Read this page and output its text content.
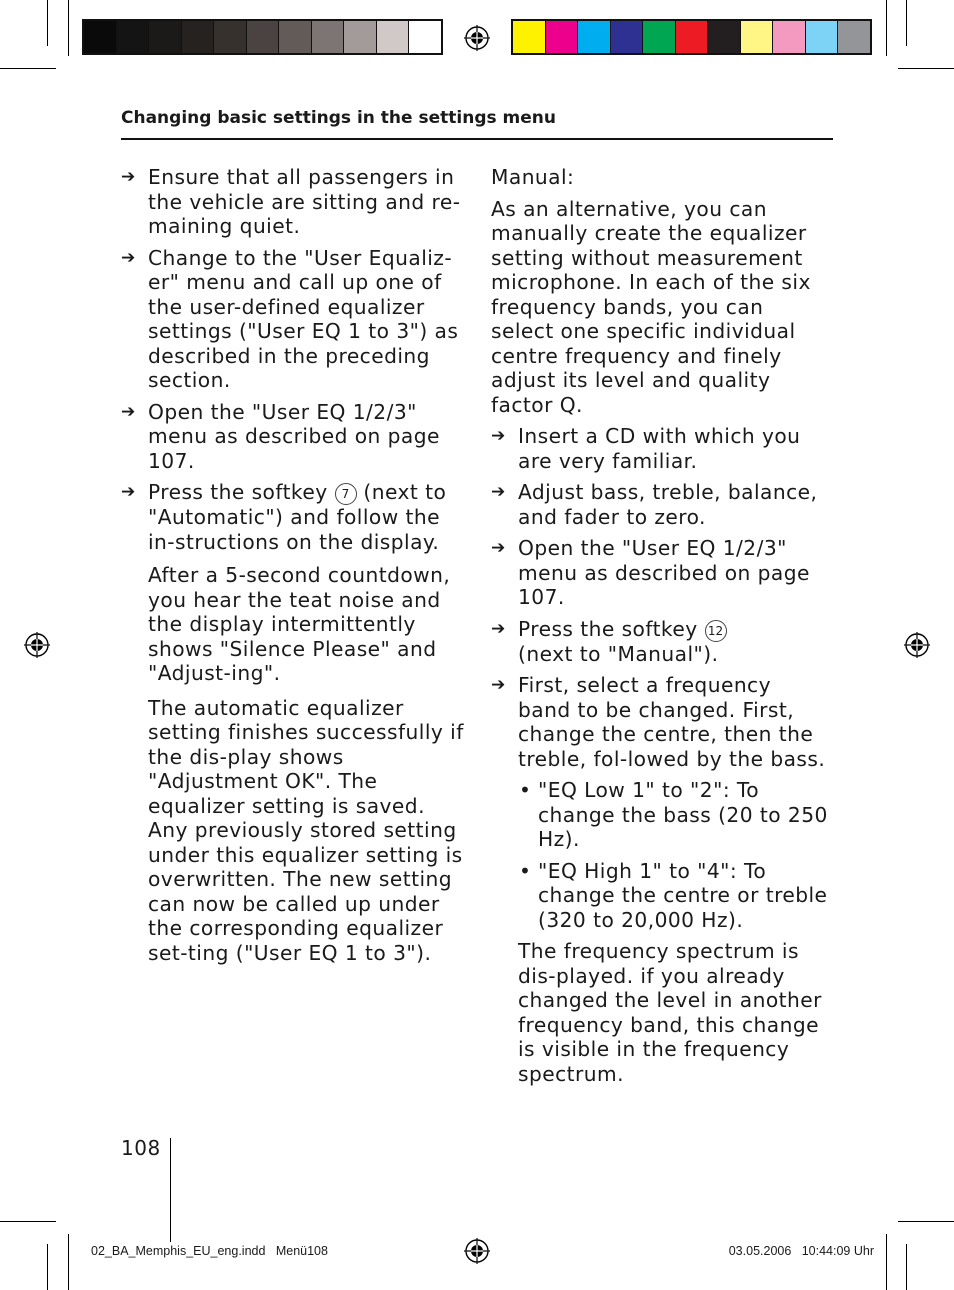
Changing basic settings in the settings menu
➔ Ensure that all passengers in the vehicle are sitting and re-maining quiet.
➔ Change to the "User Equaliz-er" menu and call up one of the user-defined equalizer settings ("User EQ 1 to 3") as described in the preceding section.
➔ Open the "User EQ 1/2/3" menu as described on page 107.
➔ Press the softkey 7 (next to "Automatic") and follow the in-structions on the display.

After a 5-second countdown, you hear the teat noise and the display intermittently shows "Silence Please" and "Adjust-ing".

The automatic equalizer setting finishes successfully if the dis-play shows "Adjustment OK". The equalizer setting is saved. Any previously stored setting under this equalizer setting is overwritten. The new setting can now be called up under the corresponding equalizer set-ting ("User EQ 1 to 3").

Manual:

As an alternative, you can manually create the equalizer setting without measurement microphone. In each of the six frequency bands, you can select one specific individual centre frequency and finely adjust its level and quality factor Q.

➔ Insert a CD with which you are very familiar.
➔ Adjust bass, treble, balance, and fader to zero.
➔ Open the "User EQ 1/2/3" menu as described on page 107.
➔ Press the softkey 12
(next to "Manual").
➔ First, select a frequency band to be changed. First, change the centre, then the treble, fol-lowed by the bass.
• "EQ Low 1" to "2": To change the bass (20 to 250 Hz).
• "EQ High 1" to "4": To change the centre or treble (320 to 20,000 Hz).

The frequency spectrum is dis-played. if you already changed the level in another frequency band, this change is visible in the frequency spectrum.

108
02_BA_Memphis_EU_eng.indd   Menü108	03.05.2006   10:44:09 Uhr
